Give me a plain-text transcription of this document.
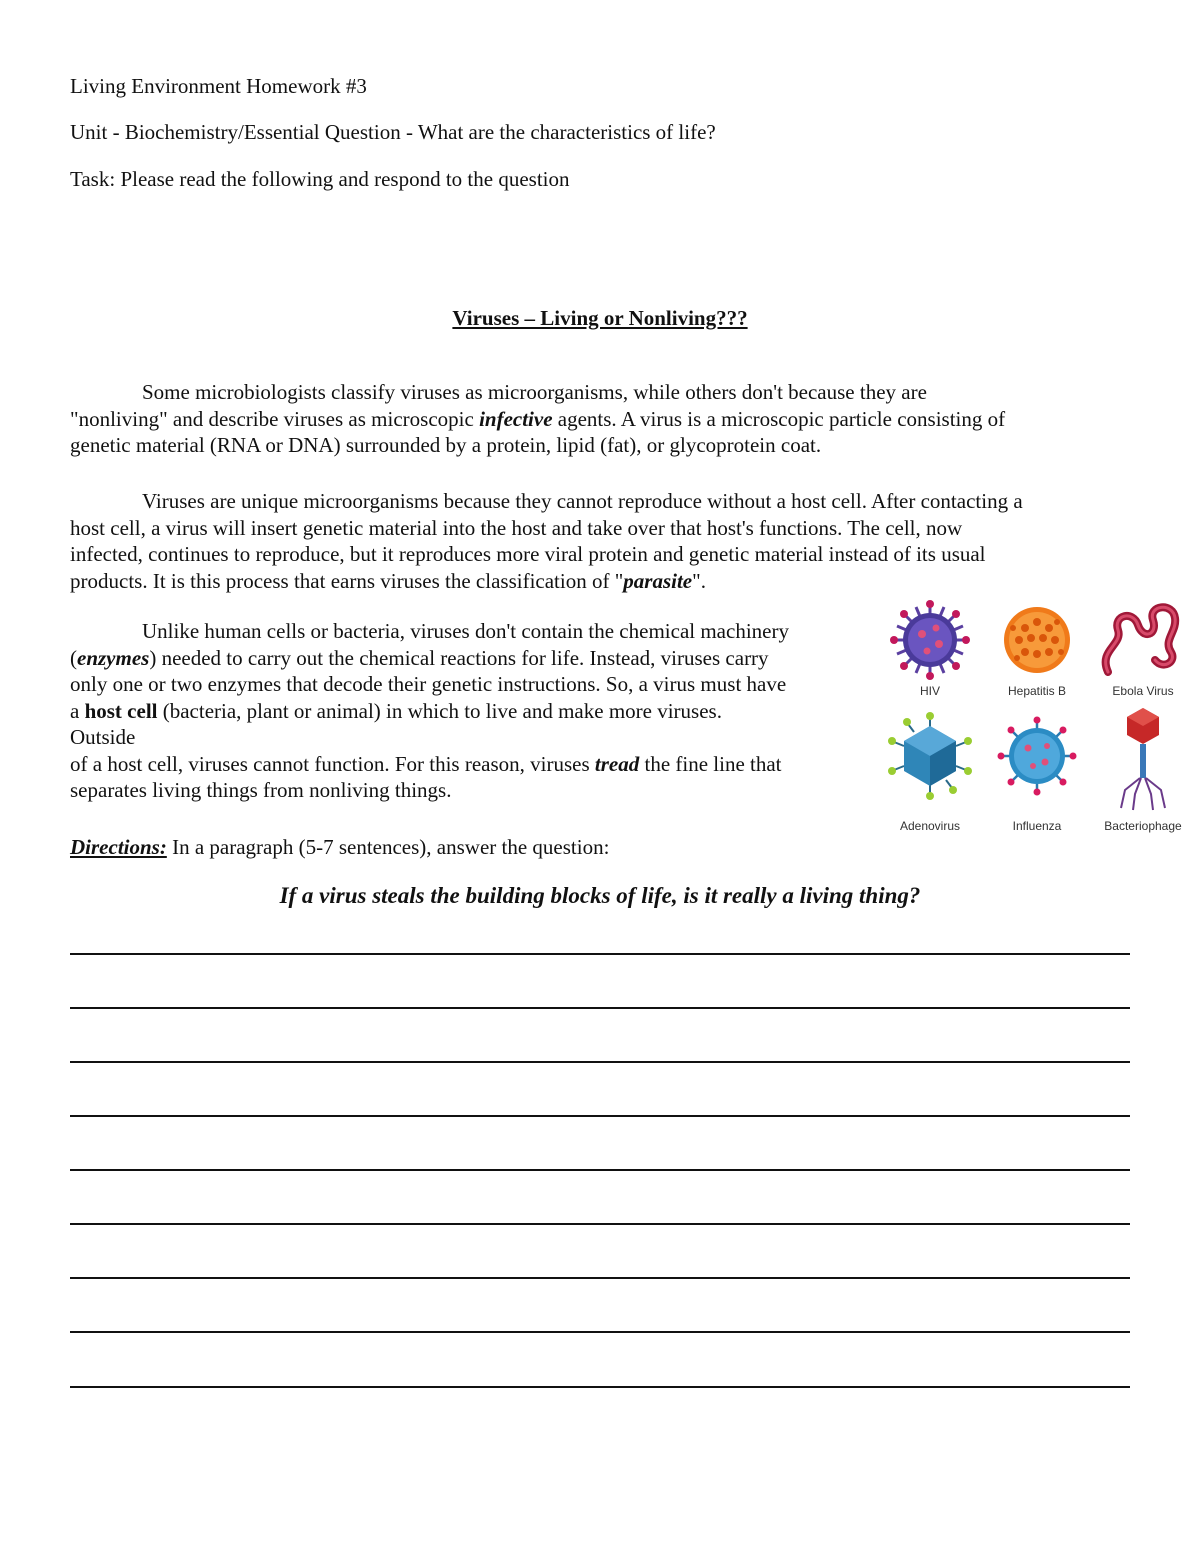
Living Environment Homework #3

Unit - Biochemistry/Essential Question - What are the characteristics of life?

Task: Please read the following and respond to the question

Viruses – Living or Nonliving???

Some microbiologists classify viruses as microorganisms, while others don't because they are
"nonliving" and describe viruses as microscopic infective agents. A virus is a microscopic particle consisting of
genetic material (RNA or DNA) surrounded by a protein, lipid (fat), or glycoprotein coat.

Viruses are unique microorganisms because they cannot reproduce without a host cell. After contacting a
host cell, a virus will insert genetic material into the host and take over that host's functions. The cell, now
infected, continues to reproduce, but it reproduces more viral protein and genetic material instead of its usual
products. It is this process that earns viruses the classification of "parasite".

Unlike human cells or bacteria, viruses don't contain the chemical machinery
(enzymes) needed to carry out the chemical reactions for life. Instead, viruses carry
only one or two enzymes that decode their genetic instructions. So, a virus must have
a host cell (bacteria, plant or animal) in which to live and make more viruses.
Outside
of a host cell, viruses cannot function. For this reason, viruses tread the fine line that
separates living things from nonliving things.

HIV	Hepatitis B	Ebola Virus
Adenovirus	Influenza	Bacteriophage

Directions: In a paragraph (5-7 sentences), answer the question:

If a virus steals the building blocks of life, is it really a living thing?
